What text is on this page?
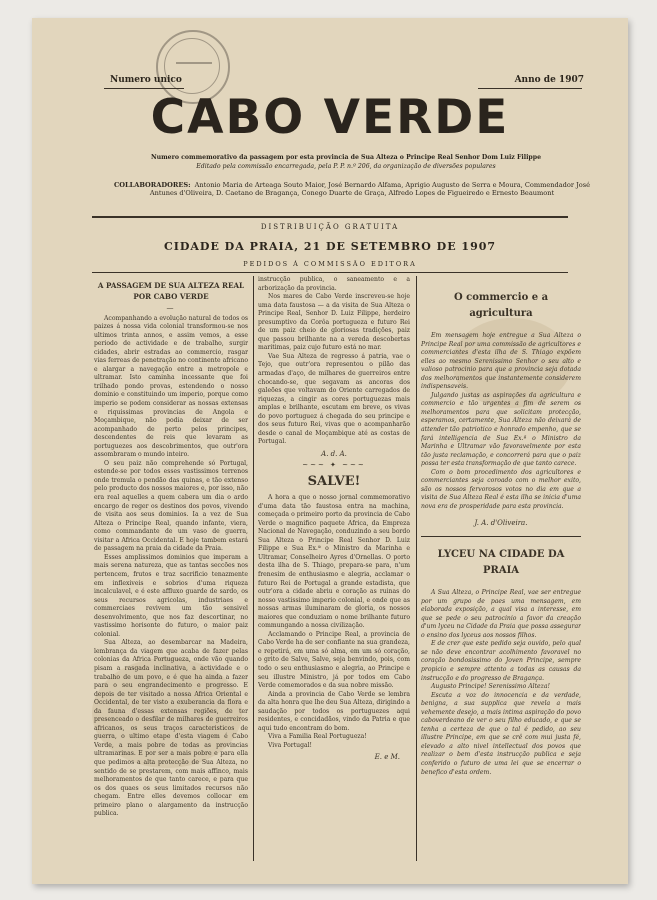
Numero unico	Anno de 1907
CABO VERDE
Numero commemorativo da passagem por esta provincia de Sua Alteza o Principe Real Senhor Dom Luiz Filippe
Editado pela commissão encarregada, pela P. P. n.º 206, da organização de diversões populares
COLLABORADORES: Antonio Maria de Arteaga Souto Maior, José Bernardo Alfama, Aprigio Augusto de Serra e Moura, Commendador José Antunes d'Oliveira, D. Caetano de Bragança, Conego Duarte de Graça, Alfredo Lopes de Figueiredo e Ernesto Beaumont
DISTRIBUIÇÃO GRATUITA
CIDADE DA PRAIA, 21 DE SETEMBRO DE 1907
PEDIDOS Á COMMISSÃO EDITORA

A PASSAGEM DE SUA ALTEZA REAL

POR CABO VERDE

—

Acompanhando a evolução natural de todos os paizes á nossa vida colonial transformou-se nos ultimos trinta annos, e assim vemos, a esse periodo de actividade e de trabalho, surgir cidades, abrir estradas ao commercio, rasgar vias ferreas de penetração no continente africano e alargar a navegação entre a metropole e ultramar. Isto caminha incessante que foi trilhado pondo provas, estendendo o nosso dominio e constituindo um imperio, porque como imperio se podem considerar as nossas extensas e riquissimas provincias de Angola e Moçambique, não podia deixar de ser acompanhado de perto pelos principes, descendentes de reis que levaram as portuguezes aos descobrimentos, que outr'ora assombraram o mundo inteiro.

O seu paiz não comprehende só Portugal, estende-se por todos esses vastissimos terrenos onde tremula o pendão das quinas, e tão extenso pelo producto dos nossos maiores e, por isso, não era real aquelles a quem cabera um dia o ardo encargo de reger os destinos dos povos, vivendo de visita aos seus dominios. Ia a vez de Sua Alteza o Principe Real, quando infante, viera, como commandante de um vaso de guerra, visitar a Africa Occidental. E hoje tambem estará de passagem na praia da cidade da Praia.

Esses amplissimos dominios que imperam a mais serena natureza, que as tantas seccões nos pertencem, frutos e traz sacrificio tenazmente em inflexiveis e sobrios d'uma riqueza incalculavel, e é este affluxo guarde de sardo, os seus recursos agricolas, industriaes e commerciaes revivem um tão sensivel desenvolvimento, que nos faz descortinar, no vastissimo horisonte do futuro, o maior paiz colonial.

Sua Alteza, ao desembarcar na Madeira, lembrança da viagem que acaba de fazer pelas colonias da Africa Portugueza, onde vão quando pisam a rasgada inclinativa, a actividade e o trabalho de um povo, e é que ha ainda a fazer para o seu engrandecimento e progresso. E depois de ter visitado a nossa Africa Oriental e Occidental, de ter visto a exuberancia da flora e da fauna d'essas extensas regiões, de ter presenceado o desfilar de milhares de guerreiros africanos, os seus traços caracteristicos de guerra, o ultimo etape d'esta viagem é Cabo Verde, a mais pobre de todas as provincias ultramarinas. E por ser a mais pobre e para ella que pedimos a alta protecção de Sua Alteza, no sentido de se prestarem, com mais affinco, mais melhoramentos de que tanto carece, e para que os dos quaes os seus limitados recursos não chegam. Entre elles devemos collocar em primeiro plano o alargamento da instrucção publica.

instrucção publica, o saneamento e a arborização da provincia.

Nos mares de Cabo Verde inscreveu-se hoje uma data faustosa — a da visita de Sua Alteza o Principe Real, Senhor D. Luiz Filippe, herdeiro presumptivo da Corôa portugueza e futuro Rei de um paiz cheio de gloriosas tradições, paiz que passou brilhante na a vereda descobertas maritimas, paiz cujo futuro está no mar.

Vae Sua Alteza de regresso á patria, vae o Tejo, que outr'ora representou o pilão das armadas d'aço, de milhares de guerreiros entre chocando-se, que segavam as ancoras dos galeões que voltavam do Oriente carregados de riquezas, a cingir as cores portuguezas mais amplas e brilhante, escutam em breve, os vivas do povo portuguez á chegada do seu principe e dos seus futuro Rei, vivas que o acompanharão desde o canal de Moçambique até as costas de Portugal.

A. d. A.

~~~ ✦ ~~~

SALVE!

A hora a que o nosso jornal commemorativo d'uma data tão faustosa entra na machina, começada o primeiro porto da provincia de Cabo Verde o magnifico paquete Africa, da Empreza Nacional de Navegação, conduzindo a seu bordo Sua Alteza o Principe Real Senhor D. Luiz Filippe e Sua Ex.ª o Ministro da Marinha e Ultramar, Conselheiro Ayres d'Ornellas. O porto desta ilha de S. Thiago, prepara-se para, n'um frenesim de enthusiasmo e alegria, acclamar o futuro Rei de Portugal a grande estadista, que outr'ora a cidade abriu e coração as ruinas do nosso vastissimo imperio colonial, e onde que as nossas armas iluminaram de gloria, os nossos maiores que conduziam o nome brilhante futuro commungando a nossa civilização.

Acclamando o Principe Real, a provincia de Cabo Verde ha de ser confiante na sua grandeza, e repetirá, em uma só alma, em um só coração, o grito de Salve, Salve, seja benvindo, pois, com todo o seu enthusiasmo e alegria, ao Principe e seu illustre Ministro, já por todos em Cabo Verde comemorados e da sua nobre missão.

Ainda a provincia de Cabo Verde se lembra da alta honra que lhe deu Sua Alteza, dirigindo a saudação por todos os portuguezes aqui residentes, e concidadãos, vindo da Patria e que aqui tudo encontram do bom.

Viva a Familia Real Portugueza!

Viva Portugal!

E. e M.

O commercio e a agricultura

Em mensagem hoje entregue a Sua Alteza o Principe Real por uma commissão de agricultores e commerciantes d'esta ilha de S. Thiago expõem elles ao mesmo Serenissimo Senhor o seu alto e valioso patrocinio para que a provincia seja dotada dos melhoramentos que instantemente considerem indispensaveis.

Julgando justas as aspirações da agricultura e commercio e tão urgentes a fim de serem os melhoramentos para que solicitam protecção, esperamos, certamente, Sua Alteza não deixará de attender tão patriotico e honrado empenho, que se fará intelligencia de Sua Ex.ª o Ministro da Marinha e Ultramar vão favoravelmente por esta tão justa reclamação, e concorrerá para que o paiz possa ter esta transformação de que tanto carece.

Com o bom procedimento dos agricultores e commerciantes seja coroado com o melhor exito, são os nossos fervorosos votos no dia em que a visita de Sua Alteza Real é esta ilha se inicia d'uma nova era de prosperidade para esta provincia.

J. A. d'Oliveira.

LYCEU NA CIDADE DA PRAIA

A Sua Alteza, o Principe Real, vae ser entregue por um grupo de paes uma mensagem, em elaborada exposição, a qual visa a interesse, em que se pede o seu patrocinio a favor da creação d'um lyceu na Cidade da Praia que possa assegurar o ensino dos lyceus aos nossos filhos.

E de crer que este pedido seja ouvido, pelo qual se não deve encontrar acolhimento favoravel no coração bondosissimo do Joven Principe, sempre propicio e sempre attento a todas as causas da instrucção e do progresso de Bragança.

Augusto Principe! Serenissimo Alteza!

Escuta a voz do innocencia e da verdade, benigna, a sua supplica que revela a mais vehemente desejo, a mais intima aspiração do povo caboverdeano de ver o seu filho educado, e que se tenha a certeza de que o tal é pedido, ao seu illustre Principe, em que se crê com mui justa fé, elevado a alto nivel intellectual dos povos que realizar o bem d'esta instrucção publica e seja conferido o futuro de uma lei que se encerrar o benefico d'esta ordem.
